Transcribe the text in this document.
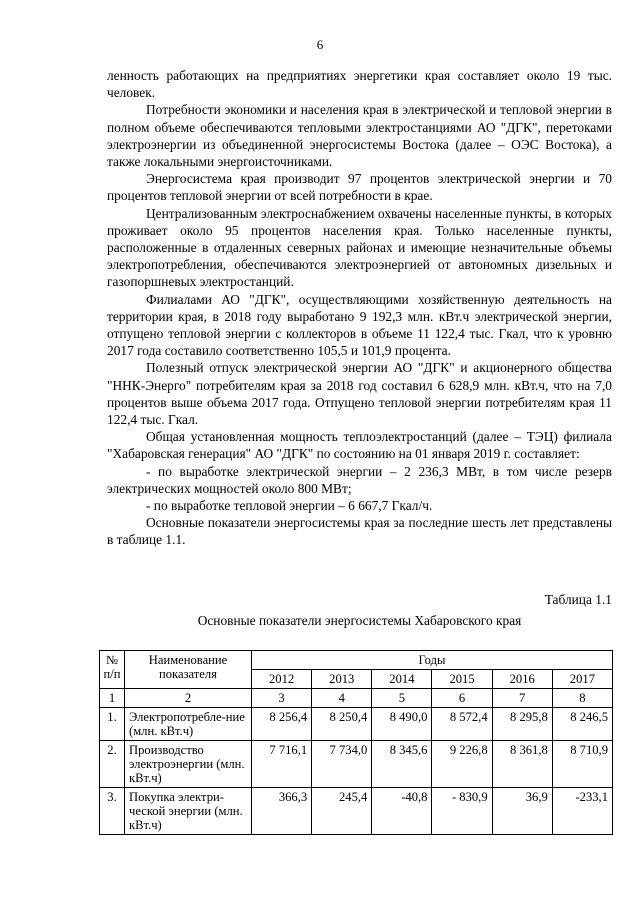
6

ленность работающих на предприятиях энергетики края составляет около 19 тыс. человек.

Потребности экономики и населения края в электрической и тепловой энергии в полном объеме обеспечиваются тепловыми электростанциями АО "ДГК", перетоками электроэнергии из объединенной энергосистемы Востока (далее – ОЭС Востока), а также локальными энергоисточниками.

Энергосистема края производит 97 процентов электрической энергии и 70 процентов тепловой энергии от всей потребности в крае.

Централизованным электроснабжением охвачены населенные пункты, в которых проживает около 95 процентов населения края. Только населенные пункты, расположенные в отдаленных северных районах и имеющие незначительные объемы электропотребления, обеспечиваются электроэнергией от автономных дизельных и газопоршневых электростанций.

Филиалами АО "ДГК", осуществляющими хозяйственную деятельность на территории края, в 2018 году выработано 9 192,3 млн. кВт.ч электрической энергии, отпущено тепловой энергии с коллекторов в объеме 11 122,4 тыс. Гкал, что к уровню 2017 года составило соответственно 105,5 и 101,9 процента.

Полезный отпуск электрической энергии АО "ДГК" и акционерного общества "ННК-Энерго" потребителям края за 2018 год составил 6 628,9 млн. кВт.ч, что на 7,0 процентов выше объема 2017 года. Отпущено тепловой энергии потребителям края 11 122,4 тыс. Гкал.

Общая установленная мощность теплоэлектростанций (далее – ТЭЦ) филиала "Хабаровская генерация" АО "ДГК" по состоянию на 01 января 2019 г. составляет:

- по выработке электрической энергии – 2 236,3 МВт, в том числе резерв электрических мощностей около 800 МВт;

- по выработке тепловой энергии – 6 667,7 Гкал/ч.

Основные показатели энергосистемы края за последние шесть лет представлены в таблице 1.1.

Таблица 1.1
Основные показатели энергосистемы Хабаровского края
№ п/п	Наименование показателя	Годы					
		2012	2013	2014	2015	2016	2017
1	2	3	4	5	6	7	8
1.	Электропотребле-ние (млн. кВт.ч)	8 256,4	8 250,4	8 490,0	8 572,4	8 295,8	8 246,5
2.	Производство электроэнергии (млн. кВт.ч)	7 716,1	7 734,0	8 345,6	9 226,8	8 361,8	8 710,9
3.	Покупка электри-ческой энергии (млн. кВт.ч)	366,3	245,4	-40,8	- 830,9	36,9	-233,1
